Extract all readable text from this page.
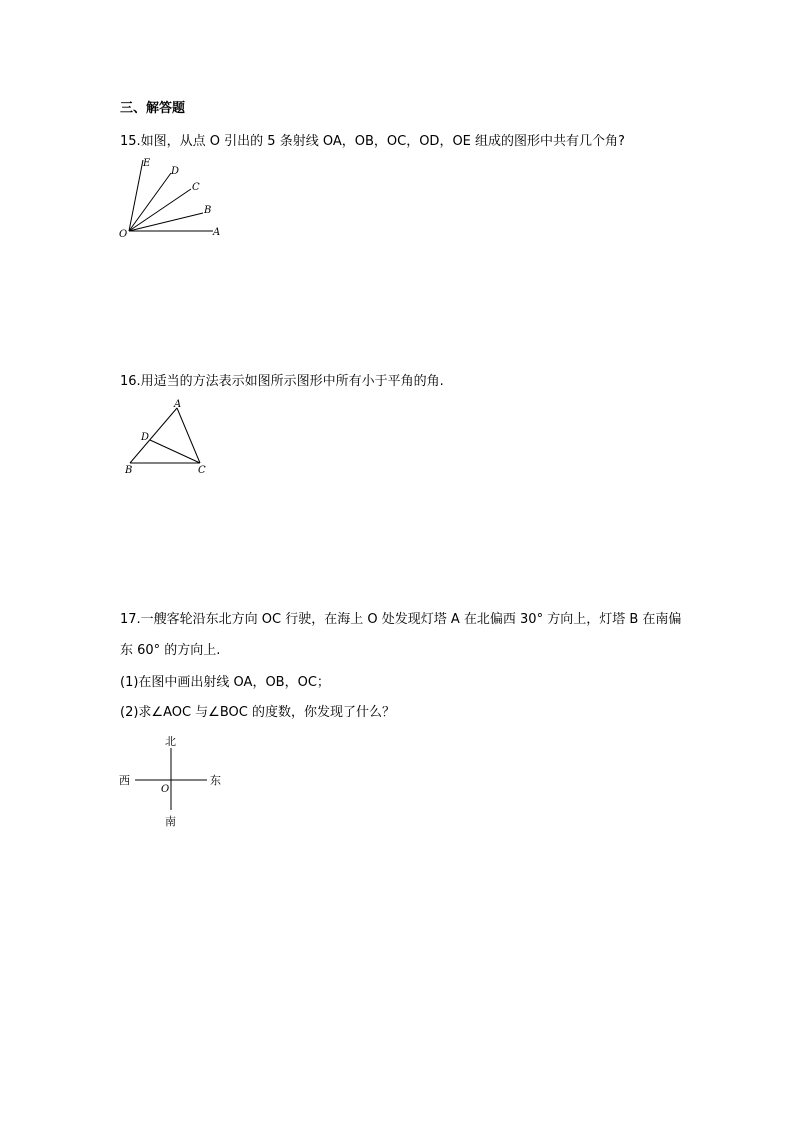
三、解答题
15.如图，从点 O 引出的 5 条射线 OA，OB，OC，OD，OE 组成的图形中共有几个角?
O	A
B
C
D
E
16.用适当的方法表示如图所示图形中所有小于平角的角.
A
B	C
D
17.一艘客轮沿东北方向 OC 行驶，在海上 O 处发现灯塔 A 在北偏西 30° 方向上，灯塔 B 在南偏
东 60° 的方向上.
(1)在图中画出射线 OA，OB，OC；
(2)求∠AOC 与∠BOC 的度数，你发现了什么？
北
南
西	东
O
